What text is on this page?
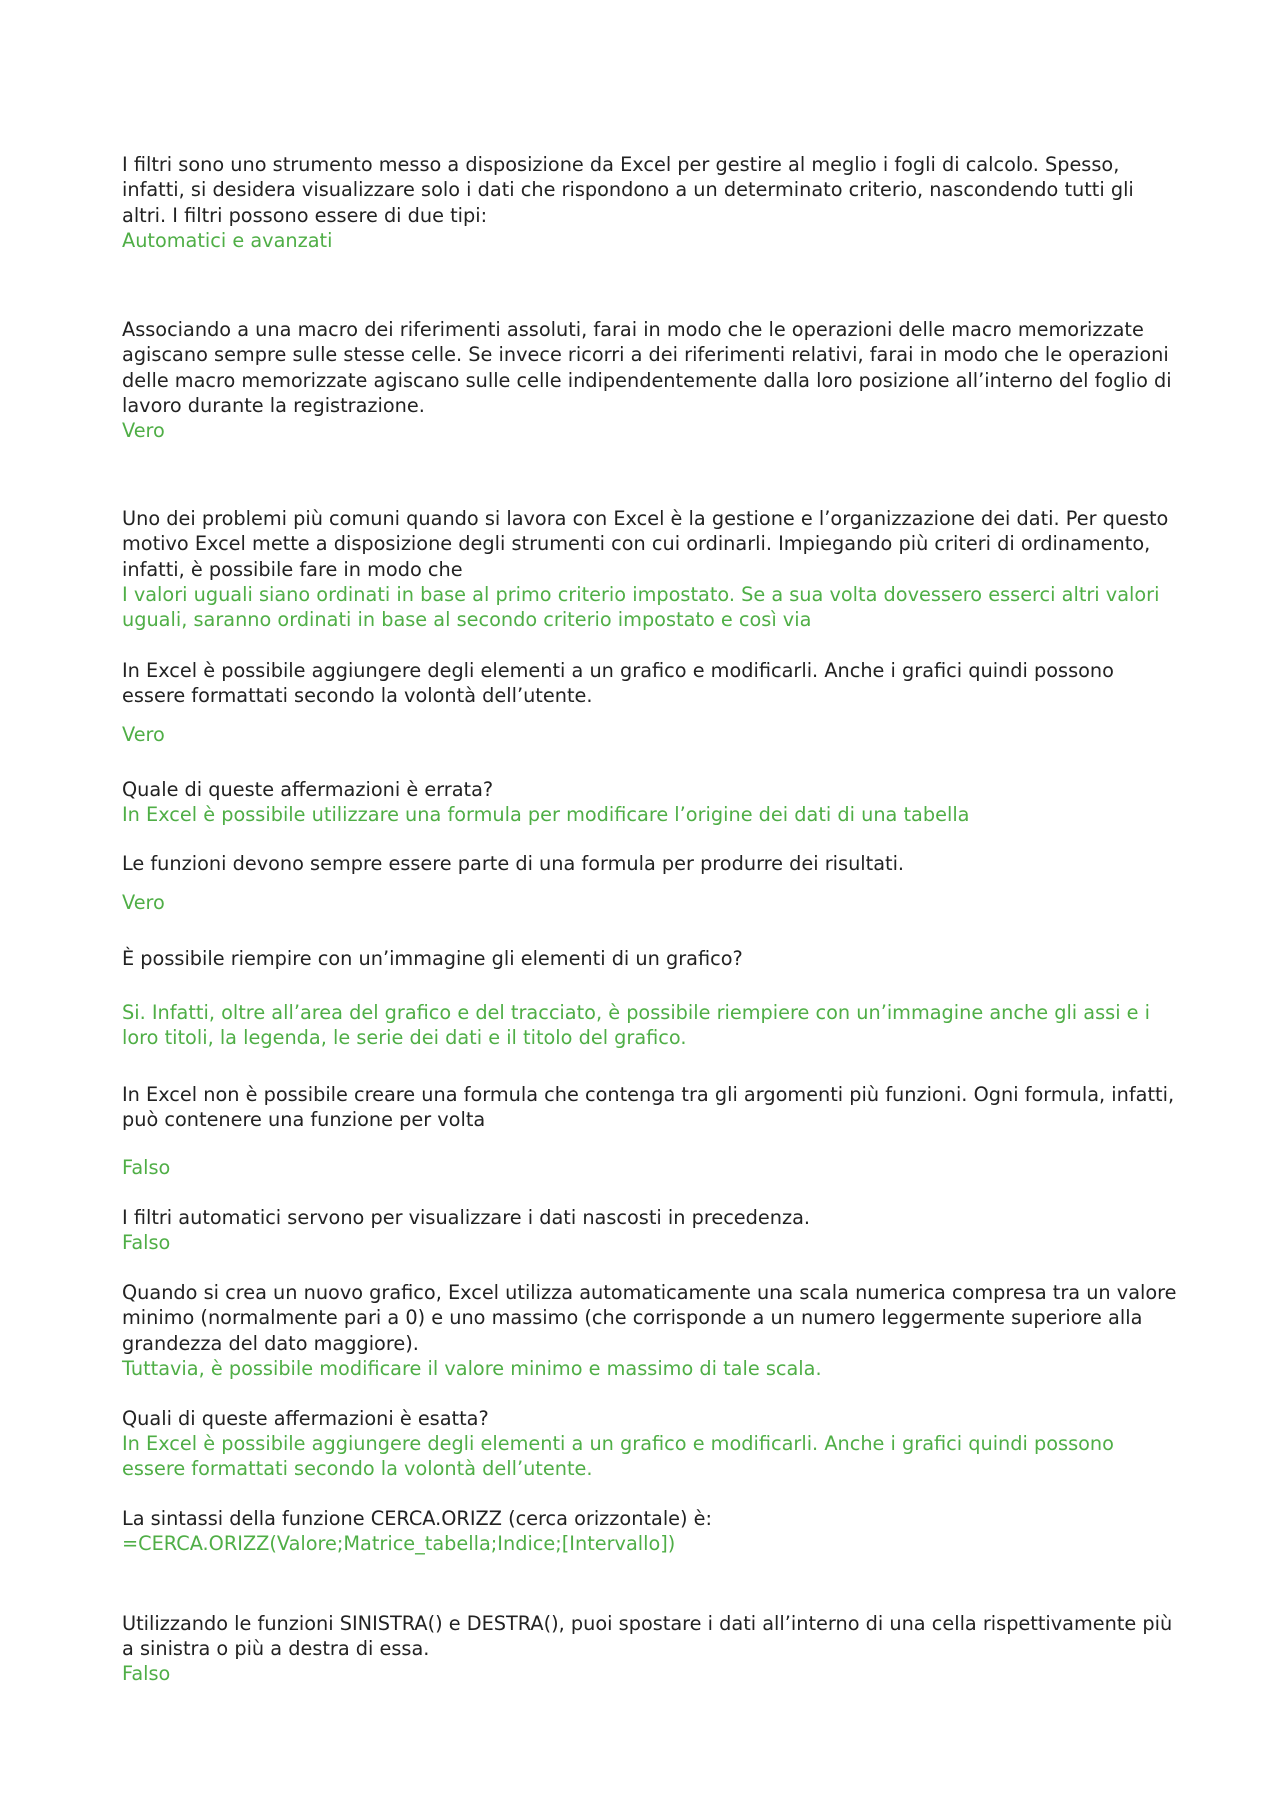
I filtri sono uno strumento messo a disposizione da Excel per gestire al meglio i fogli di calcolo. Spesso, infatti, si desidera visualizzare solo i dati che rispondono a un determinato criterio, nascondendo tutti gli altri. I filtri possono essere di due tipi:

Automatici e avanzati

Associando a una macro dei riferimenti assoluti, farai in modo che le operazioni delle macro memorizzate agiscano sempre sulle stesse celle. Se invece ricorri a dei riferimenti relativi, farai in modo che le operazioni delle macro memorizzate agiscano sulle celle indipendentemente dalla loro posizione all’interno del foglio di lavoro durante la registrazione.

Vero

Uno dei problemi più comuni quando si lavora con Excel è la gestione e l’organizzazione dei dati. Per questo motivo Excel mette a disposizione degli strumenti con cui ordinarli. Impiegando più criteri di ordinamento, infatti, è possibile fare in modo che

I valori uguali siano ordinati in base al primo criterio impostato. Se a sua volta dovessero esserci altri valori uguali, saranno ordinati in base al secondo criterio impostato e così via

In Excel è possibile aggiungere degli elementi a un grafico e modificarli. Anche i grafici quindi possono essere formattati secondo la volontà dell’utente.

Vero

Quale di queste affermazioni è errata?

In Excel è possibile utilizzare una formula per modificare l’origine dei dati di una tabella

Le funzioni devono sempre essere parte di una formula per produrre dei risultati.

Vero

È possibile riempire con un’immagine gli elementi di un grafico?

Si. Infatti, oltre all’area del grafico e del tracciato, è possibile riempiere con un’immagine anche gli assi e i loro titoli, la legenda, le serie dei dati e il titolo del grafico.

In Excel non è possibile creare una formula che contenga tra gli argomenti più funzioni. Ogni formula, infatti, può contenere una funzione per volta

Falso

I filtri automatici servono per visualizzare i dati nascosti in precedenza.

Falso

Quando si crea un nuovo grafico, Excel utilizza automaticamente una scala numerica compresa tra un valore minimo (normalmente pari a 0) e uno massimo (che corrisponde a un numero leggermente superiore alla grandezza del dato maggiore).

Tuttavia, è possibile modificare il valore minimo e massimo di tale scala.

Quali di queste affermazioni è esatta?

In Excel è possibile aggiungere degli elementi a un grafico e modificarli. Anche i grafici quindi possono essere formattati secondo la volontà dell’utente.

La sintassi della funzione CERCA.ORIZZ (cerca orizzontale) è:

=CERCA.ORIZZ(Valore;Matrice_tabella;Indice;[Intervallo])

Utilizzando le funzioni SINISTRA() e DESTRA(), puoi spostare i dati all’interno di una cella rispettivamente più a sinistra o più a destra di essa.

Falso
